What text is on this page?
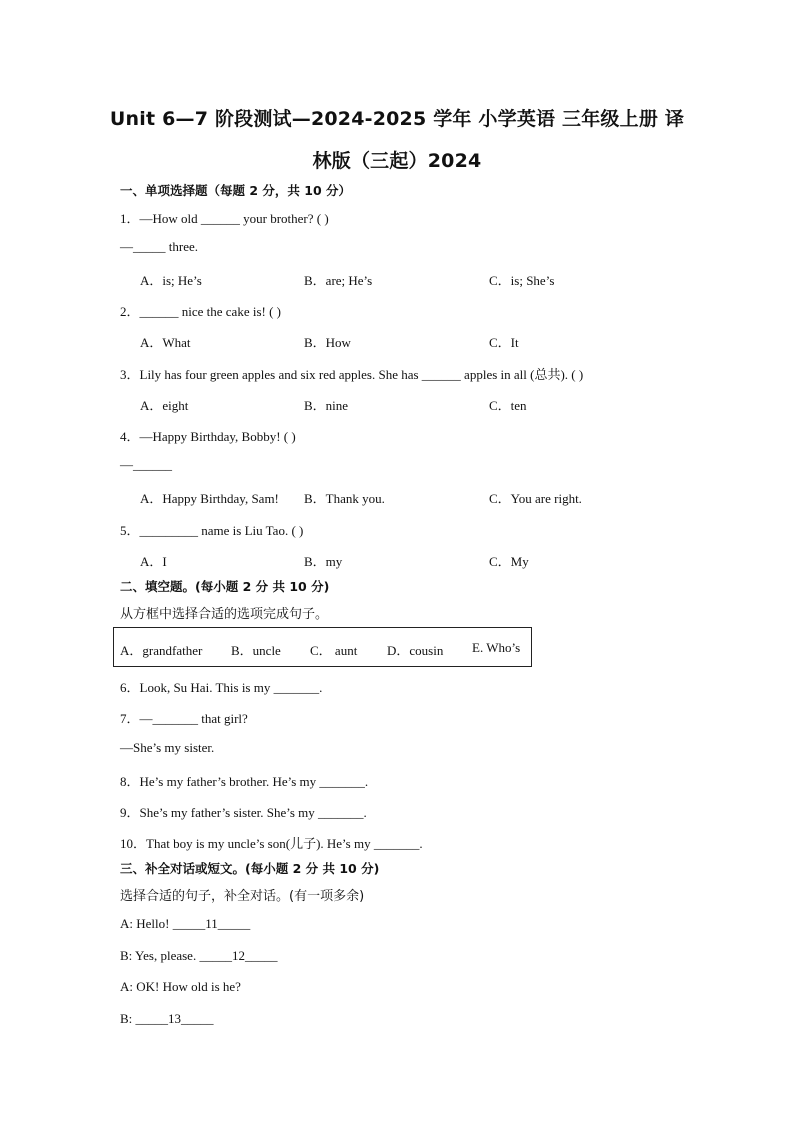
Unit 6—7 阶段测试—2024-2025 学年 小学英语 三年级上册 译
林版（三起）2024
一、单项选择题（每题 2 分，共 10 分）
1．—How old ______ your brother? ( )
—_____ three.
A．is; He’s	B．are; He’s	C．is; She’s
2．______ nice the cake is! ( )
A．What	B．How	C．It
3．Lily has four green apples and six red apples. She has ______ apples in all (总共). ( )
A．eight	B．nine	C．ten
4．—Happy Birthday, Bobby! ( )
—______
A．Happy Birthday, Sam! B．Thank you.	C．You are right.
5．_________ name is Liu Tao. ( )
A．I	B．my	C．My
二、填空题。(每小题 2 分 共 10 分)
从方框中选择合适的选项完成句子。
A．grandfather B．uncle C． aunt D．cousin E. Who’s
6．Look, Su Hai. This is my _______.
7．—_______ that girl?
—She’s my sister.
8．He’s my father’s brother. He’s my _______.
9．She’s my father’s sister. She’s my _______.
10．That boy is my uncle’s son(儿子). He’s my _______.
三、补全对话或短文。(每小题 2 分 共 10 分)
选择合适的句子，补全对话。(有一项多余)
A: Hello! _____11_____
B: Yes, please. _____12_____
A: OK! How old is he?
B: _____13_____
